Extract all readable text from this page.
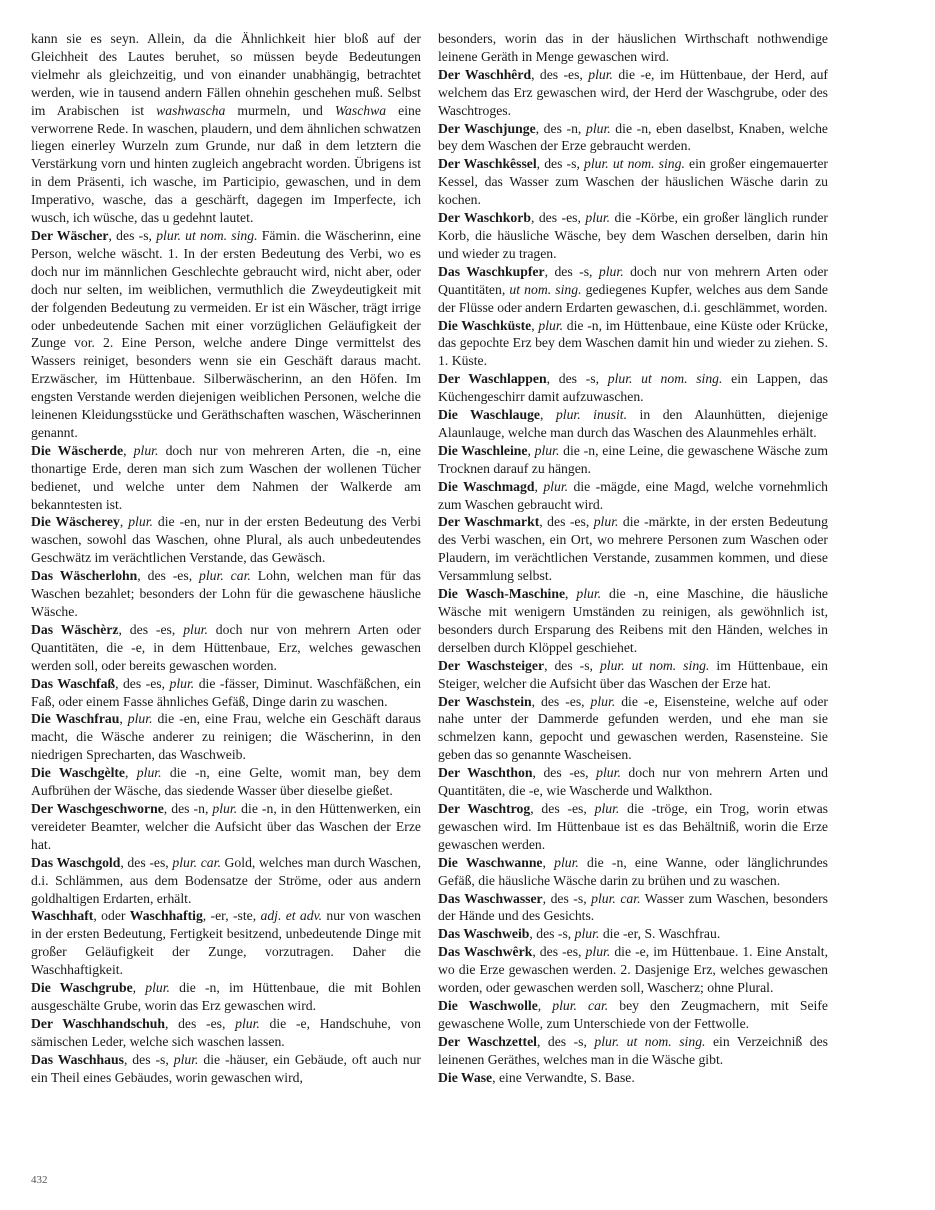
kann sie es seyn. Allein, da die Ähnlichkeit hier bloß auf der Gleichheit des Lautes beruhet, so müssen beyde Bedeutungen vielmehr als gleichzeitig, und von einander unabhängig, betrachtet werden, wie in tausend andern Fällen ohnehin geschehen muß. Selbst im Arabischen ist washwascha murmeln, und Waschwa eine verworrene Rede. In waschen, plaudern, und dem ähnlichen schwatzen liegen einerley Wurzeln zum Grunde, nur daß in dem letztern die Verstärkung vorn und hinten zugleich angebracht worden. Übrigens ist in dem Präsenti, ich wasche, im Participio, gewaschen, und in dem Imperativo, wasche, das a geschärft, dagegen im Imperfecte, ich wusch, ich wüsche, das u gedehnt lautet.

Der Wäscher, des -s, plur. ut nom. sing. Fämin. die Wäscherinn, eine Person, welche wäscht. 1. In der ersten Bedeutung des Verbi, wo es doch nur im männlichen Geschlechte gebraucht wird, nicht aber, oder doch nur selten, im weiblichen, vermuthlich die Zweydeutigkeit mit der folgenden Bedeutung zu vermeiden. Er ist ein Wäscher, trägt irrige oder unbedeutende Sachen mit einer vorzüglichen Geläufigkeit der Zunge vor. 2. Eine Person, welche andere Dinge vermittelst des Wassers reiniget, besonders wenn sie ein Geschäft daraus macht. Erzwäscher, im Hüttenbaue. Silberwäscherinn, an den Höfen. Im engsten Verstande werden diejenigen weiblichen Personen, welche die leinenen Kleidungsstücke und Geräthschaften waschen, Wäscherinnen genannt.

Die Wäscherde, plur. doch nur von mehreren Arten, die -n, eine thonartige Erde, deren man sich zum Waschen der wollenen Tücher bedienet, und welche unter dem Nahmen der Walkerde am bekanntesten ist.

Die Wäscherey, plur. die -en, nur in der ersten Bedeutung des Verbi waschen, sowohl das Waschen, ohne Plural, als auch unbedeutendes Geschwätz im verächtlichen Verstande, das Gewäsch.

Das Wäscherlohn, des -es, plur. car. Lohn, welchen man für das Waschen bezahlet; besonders der Lohn für die gewaschene häusliche Wäsche.

Das Wäschèrz, des -es, plur. doch nur von mehrern Arten oder Quantitäten, die -e, in dem Hüttenbaue, Erz, welches gewaschen werden soll, oder bereits gewaschen worden.

Das Waschfaß, des -es, plur. die -fässer, Diminut. Waschfäßchen, ein Faß, oder einem Fasse ähnliches Gefäß, Dinge darin zu waschen.

Die Waschfrau, plur. die -en, eine Frau, welche ein Geschäft daraus macht, die Wäsche anderer zu reinigen; die Wäscherinn, in den niedrigen Sprecharten, das Waschweib.

Die Waschgèlte, plur. die -n, eine Gelte, womit man, bey dem Aufbrühen der Wäsche, das siedende Wasser über dieselbe gießet.

Der Waschgeschworne, des -n, plur. die -n, in den Hüttenwerken, ein vereideter Beamter, welcher die Aufsicht über das Waschen der Erze hat.

Das Waschgold, des -es, plur. car. Gold, welches man durch Waschen, d.i. Schlämmen, aus dem Bodensatze der Ströme, oder aus andern goldhaltigen Erdarten, erhält.

Waschhaft, oder Waschhaftig, -er, -ste, adj. et adv. nur von waschen in der ersten Bedeutung, Fertigkeit besitzend, unbedeutende Dinge mit großer Geläufigkeit der Zunge, vorzutragen. Daher die Waschhaftigkeit.

Die Waschgrube, plur. die -n, im Hüttenbaue, die mit Bohlen ausgeschälte Grube, worin das Erz gewaschen wird.

Der Waschhandschuh, des -es, plur. die -e, Handschuhe, von sämischen Leder, welche sich waschen lassen.

Das Waschhaus, des -s, plur. die -häuser, ein Gebäude, oft auch nur ein Theil eines Gebäudes, worin gewaschen wird,

besonders, worin das in der häuslichen Wirthschaft nothwendige leinene Geräth in Menge gewaschen wird.

Der Waschhêrd, des -es, plur. die -e, im Hüttenbaue, der Herd, auf welchem das Erz gewaschen wird, der Herd der Waschgrube, oder des Waschtroges.

Der Waschjunge, des -n, plur. die -n, eben daselbst, Knaben, welche bey dem Waschen der Erze gebraucht werden.

Der Waschkêssel, des -s, plur. ut nom. sing. ein großer eingemauerter Kessel, das Wasser zum Waschen der häuslichen Wäsche darin zu kochen.

Der Waschkorb, des -es, plur. die -Körbe, ein großer länglich runder Korb, die häusliche Wäsche, bey dem Waschen derselben, darin hin und wieder zu tragen.

Das Waschkupfer, des -s, plur. doch nur von mehrern Arten oder Quantitäten, ut nom. sing. gediegenes Kupfer, welches aus dem Sande der Flüsse oder andern Erdarten gewaschen, d.i. geschlämmet, worden.

Die Waschküste, plur. die -n, im Hüttenbaue, eine Küste oder Krücke, das gepochte Erz bey dem Waschen damit hin und wieder zu ziehen. S. 1. Küste.

Der Waschlappen, des -s, plur. ut nom. sing. ein Lappen, das Küchengeschirr damit aufzuwaschen.

Die Waschlauge, plur. inusit. in den Alaunhütten, diejenige Alaunlauge, welche man durch das Waschen des Alaunmehles erhält.

Die Waschleine, plur. die -n, eine Leine, die gewaschene Wäsche zum Trocknen darauf zu hängen.

Die Waschmagd, plur. die -mägde, eine Magd, welche vornehmlich zum Waschen gebraucht wird.

Der Waschmarkt, des -es, plur. die -märkte, in der ersten Bedeutung des Verbi waschen, ein Ort, wo mehrere Personen zum Waschen oder Plaudern, im verächtlichen Verstande, zusammen kommen, und diese Versammlung selbst.

Die Wasch-Maschine, plur. die -n, eine Maschine, die häusliche Wäsche mit wenigern Umständen zu reinigen, als gewöhnlich ist, besonders durch Ersparung des Reibens mit den Händen, welches in derselben durch Klöppel geschiehet.

Der Waschsteiger, des -s, plur. ut nom. sing. im Hüttenbaue, ein Steiger, welcher die Aufsicht über das Waschen der Erze hat.

Der Waschstein, des -es, plur. die -e, Eisensteine, welche auf oder nahe unter der Dammerde gefunden werden, und ehe man sie schmelzen kann, gepocht und gewaschen werden, Rasensteine. Sie geben das so genannte Wascheisen.

Der Waschthon, des -es, plur. doch nur von mehrern Arten und Quantitäten, die -e, wie Wascherde und Walkthon.

Der Waschtrog, des -es, plur. die -tröge, ein Trog, worin etwas gewaschen wird. Im Hüttenbaue ist es das Behältniß, worin die Erze gewaschen werden.

Die Waschwanne, plur. die -n, eine Wanne, oder länglichrundes Gefäß, die häusliche Wäsche darin zu brühen und zu waschen.

Das Waschwasser, des -s, plur. car. Wasser zum Waschen, besonders der Hände und des Gesichts.

Das Waschweib, des -s, plur. die -er, S. Waschfrau.

Das Waschwêrk, des -es, plur. die -e, im Hüttenbaue. 1. Eine Anstalt, wo die Erze gewaschen werden. 2. Dasjenige Erz, welches gewaschen worden, oder gewaschen werden soll, Wascherz; ohne Plural.

Die Waschwolle, plur. car. bey den Zeugmachern, mit Seife gewaschene Wolle, zum Unterschiede von der Fettwolle.

Der Waschzettel, des -s, plur. ut nom. sing. ein Verzeichniß des leinenen Geräthes, welches man in die Wäsche gibt.

Die Wase, eine Verwandte, S. Base.

432
